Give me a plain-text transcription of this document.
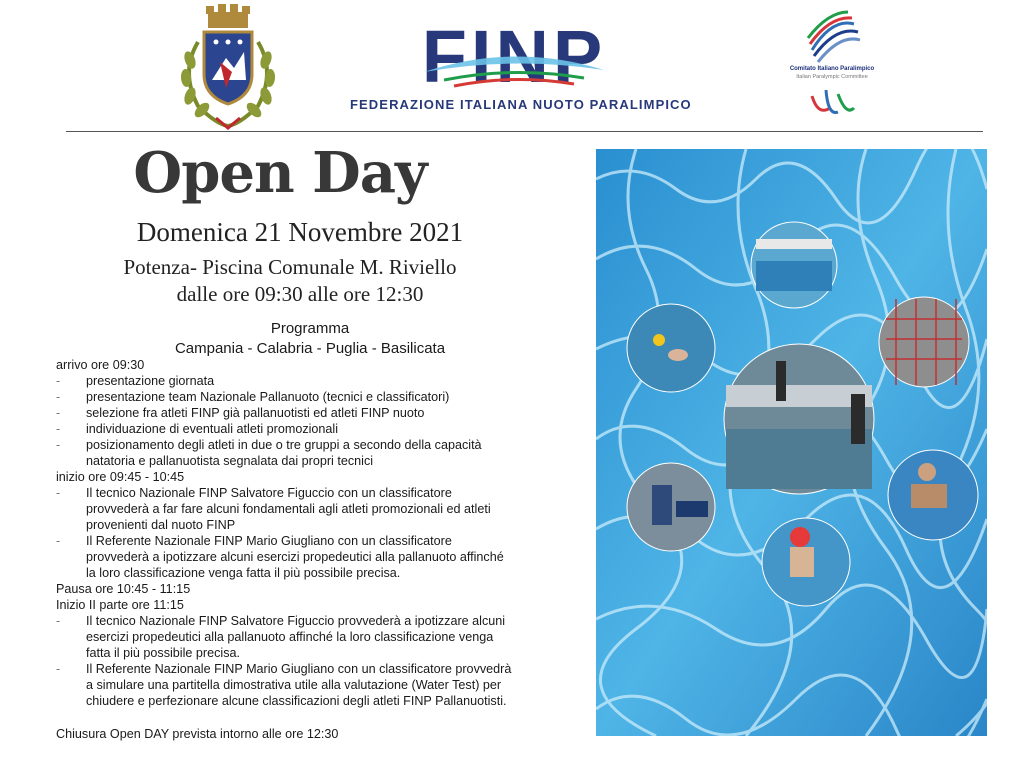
FINP
FEDERAZIONE ITALIANA NUOTO PARALIMPICO
Comitato Italiano Paralimpico
Italian Paralympic Committee
Open Day
Domenica 21 Novembre 2021
Potenza- Piscina Comunale M. Riviello
dalle ore 09:30 alle ore 12:30
Programma
Campania - Calabria - Puglia - Basilicata
arrivo ore 09:30
-	presentazione giornata
-	presentazione team Nazionale Pallanuoto (tecnici e classificatori)
-	selezione fra atleti FINP già pallanuotisti ed atleti FINP nuoto
-	individuazione di eventuali atleti promozionali
-	posizionamento degli atleti in due o tre gruppi a secondo della capacità
natatoria e pallanuotista segnalata dai propri tecnici
inizio ore 09:45 - 10:45
-	Il tecnico Nazionale FINP Salvatore Figuccio con un classificatore
provvederà a far fare alcuni fondamentali agli atleti promozionali ed atleti
provenienti dal nuoto FINP
-	Il Referente Nazionale FINP Mario Giugliano con un classificatore
provvederà a ipotizzare alcuni esercizi propedeutici alla pallanuoto affinché
la loro classificazione venga fatta il più possibile precisa.
Pausa ore 10:45 - 11:15
Inizio II parte ore 11:15
-	Il tecnico Nazionale FINP Salvatore Figuccio provvederà a ipotizzare alcuni
esercizi propedeutici alla pallanuoto affinché la loro classificazione venga
fatta il più possibile precisa.
-	Il Referente Nazionale FINP Mario Giugliano con un classificatore provvedrà
a simulare una partitella dimostrativa utile alla valutazione (Water Test) per
chiudere e perfezionare alcune classificazioni degli atleti FINP Pallanuotisti.
Chiusura Open DAY prevista intorno alle ore 12:30
